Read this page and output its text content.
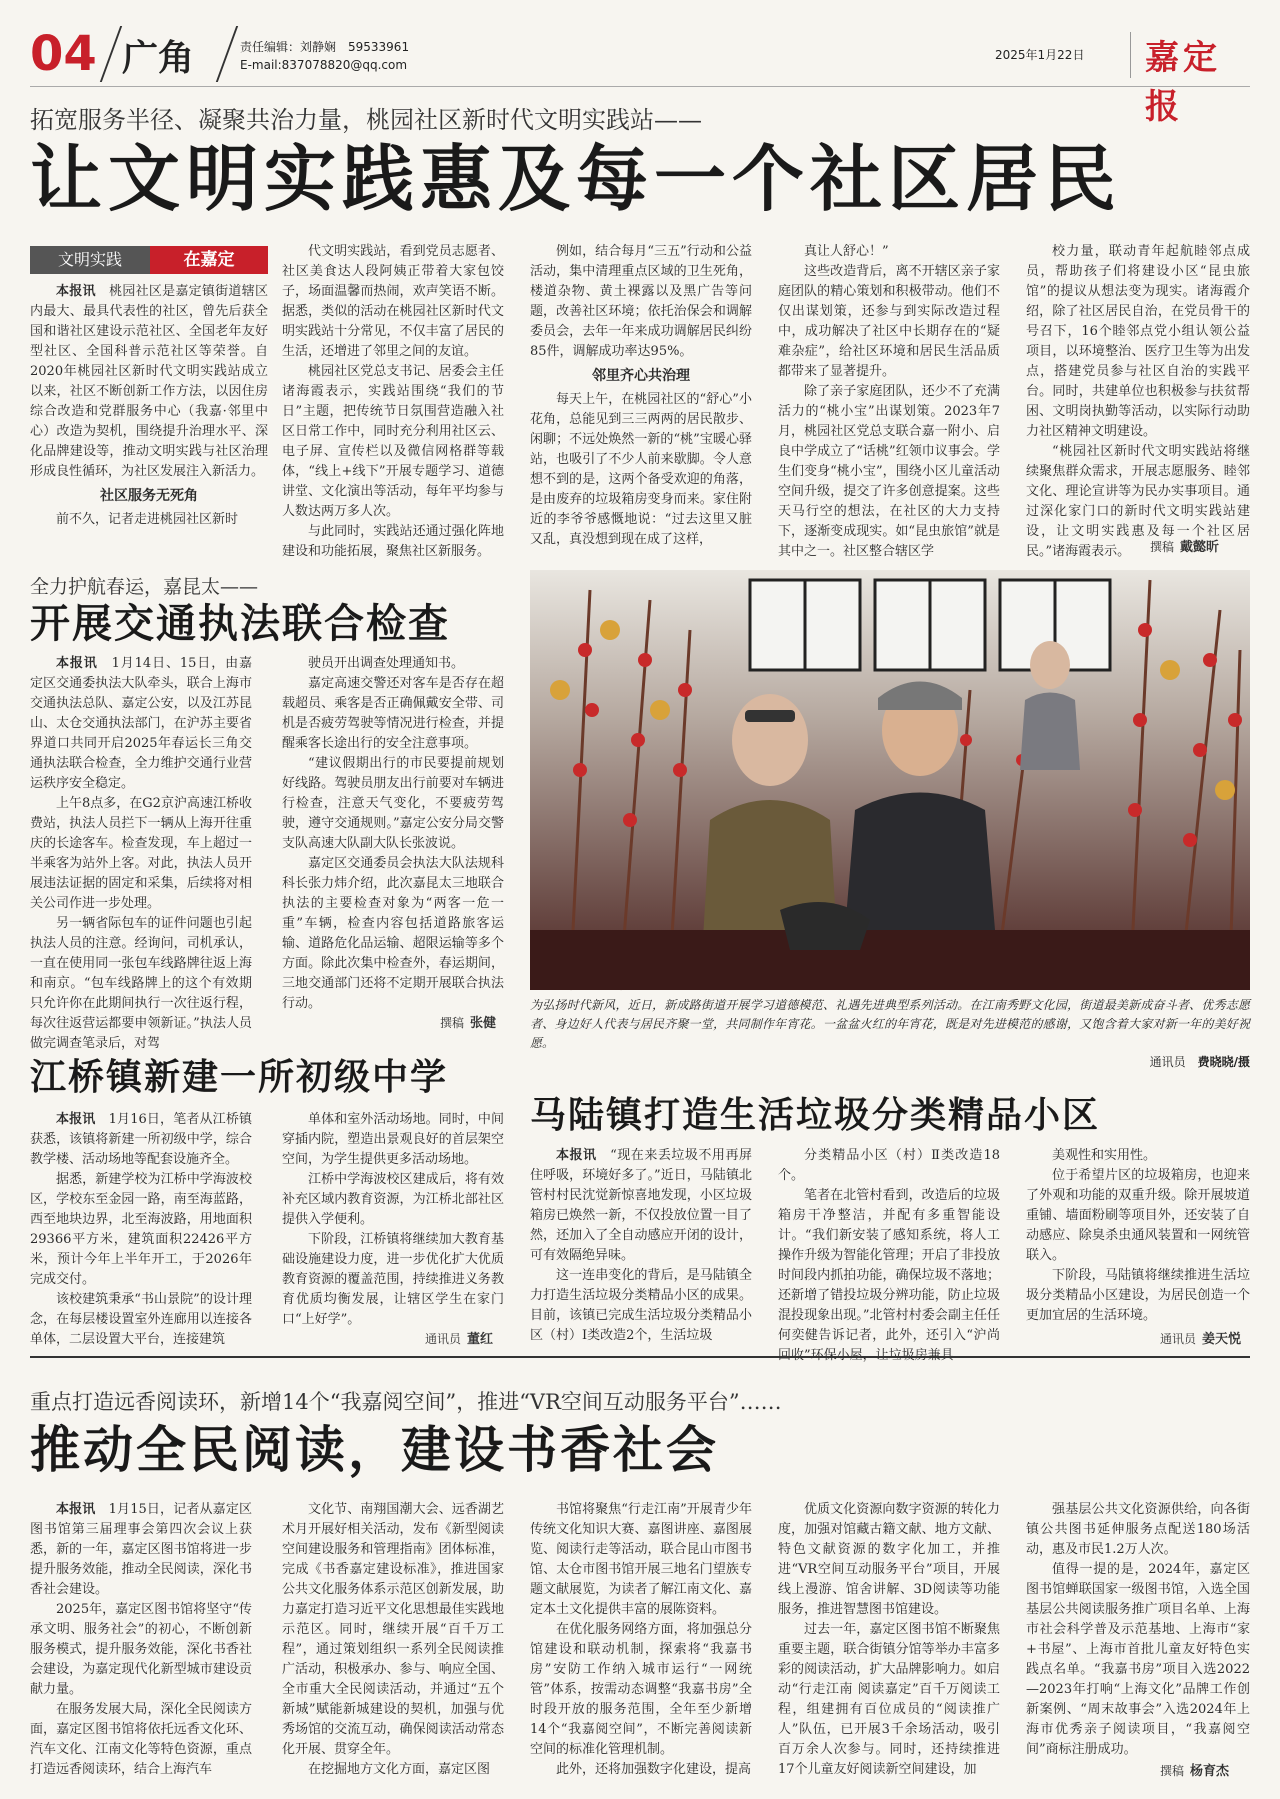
04 广角	责任编辑：刘静娴　59533961
E-mail:837078820@qq.com
2025年1月22日 嘉定报
拓宽服务半径、凝聚共治力量，桃园社区新时代文明实践站——
让文明实践惠及每一个社区居民
文明实践	在嘉定

本报讯　 桃园社区是嘉定镇街道辖区内最大、最具代表性的社区，曾先后获全国和谐社区建设示范社区、全国老年友好型社区、全国科普示范社区等荣誉。自2020年桃园社区新时代文明实践站成立以来，社区不断创新工作方法，以因住房综合改造和党群服务中心（我嘉·邻里中心）改造为契机，围绕提升治理水平、深化品牌建设等，推动文明实践与社区治理形成良性循环，为社区发展注入新活力。

社区服务无死角

前不久，记者走进桃园社区新时

代文明实践站，看到党员志愿者、社区美食达人段阿姨正带着大家包饺子，场面温馨而热闹，欢声笑语不断。据悉，类似的活动在桃园社区新时代文明实践站十分常见，不仅丰富了居民的生活，还增进了邻里之间的友谊。

桃园社区党总支书记、居委会主任诸海霞表示，实践站围绕“我们的节日”主题，把传统节日氛围营造融入社区日常工作中，同时充分利用社区云、电子屏、宣传栏以及微信网格群等载体，“线上+线下”开展专题学习、道德讲堂、文化演出等活动，每年平均参与人数达两万多人次。

与此同时，实践站还通过强化阵地建设和功能拓展，聚焦社区新服务。

例如，结合每月“三五”行动和公益活动，集中清理重点区域的卫生死角，楼道杂物、黄土裸露以及黑广告等问题，改善社区环境；依托治保会和调解委员会，去年一年来成功调解居民纠纷85件，调解成功率达95%。

邻里齐心共治理

每天上午，在桃园社区的“舒心”小花角，总能见到三三两两的居民散步、闲聊；不远处焕然一新的“桃”宝暖心驿站，也吸引了不少人前来歇脚。令人意想不到的是，这两个备受欢迎的角落，是由废弃的垃圾箱房变身而来。家住附近的李爷爷感慨地说：“过去这里又脏又乱，真没想到现在成了这样，

真让人舒心！”

这些改造背后，离不开辖区亲子家庭团队的精心策划和积极带动。他们不仅出谋划策，还参与到实际改造过程中，成功解决了社区中长期存在的“疑难杂症”，给社区环境和居民生活品质都带来了显著提升。

除了亲子家庭团队，还少不了充满活力的“桃小宝”出谋划策。2023年7月，桃园社区党总支联合嘉一附小、启良中学成立了“话桃”红领巾议事会。学生们变身“桃小宝”，围绕小区儿童活动空间升级，提交了许多创意提案。这些天马行空的想法，在社区的大力支持下，逐渐变成现实。如“昆虫旅馆”就是其中之一。社区整合辖区学

校力量，联动青年起航睦邻点成员，帮助孩子们将建设小区“昆虫旅馆”的提议从想法变为现实。诸海霞介绍，除了社区居民自治，在党员骨干的号召下，16个睦邻点党小组认领公益项目，以环境整治、医疗卫生等为出发点，搭建党员参与社区自治的实践平台。同时，共建单位也积极参与扶贫帮困、文明岗执勤等活动，以实际行动助力社区精神文明建设。

“桃园社区新时代文明实践站将继续聚焦群众需求，开展志愿服务、睦邻文化、理论宣讲等为民办实事项目。通过深化家门口的新时代文明实践站建设，让文明实践惠及每一个社区居民。”诸海霞表示。	撰稿 戴懿昕
全力护航春运，嘉昆太——
开展交通执法联合检查

本报讯　 1月14日、15日，由嘉定区交通委执法大队牵头，联合上海市交通执法总队、嘉定公安，以及江苏昆山、太仓交通执法部门，在沪苏主要省界道口共同开启2025年春运长三角交通执法联合检查，全力维护交通行业营运秩序安全稳定。

上午8点多，在G2京沪高速江桥收费站，执法人员拦下一辆从上海开往重庆的长途客车。检查发现，车上超过一半乘客为站外上客。对此，执法人员开展违法证据的固定和采集，后续将对相关公司作进一步处理。

另一辆省际包车的证件问题也引起执法人员的注意。经询问，司机承认，一直在使用同一张包车线路牌往返上海和南京。“包车线路牌上的这个有效期只允许你在此期间执行一次往返行程，每次往返营运都要申领新证。”执法人员做完调查笔录后，对驾

驶员开出调查处理通知书。

嘉定高速交警还对客车是否存在超载超员、乘客是否正确佩戴安全带、司机是否疲劳驾驶等情况进行检查，并提醒乘客长途出行的安全注意事项。

“建议假期出行的市民要提前规划好线路。驾驶员朋友出行前要对车辆进行检查，注意天气变化，不要疲劳驾驶，遵守交通规则。”嘉定公安分局交警支队高速大队副大队长张波说。

嘉定区交通委员会执法大队法规科科长张力炜介绍，此次嘉昆太三地联合执法的主要检查对象为“两客一危一重”车辆，检查内容包括道路旅客运输、道路危化品运输、超限运输等多个方面。除此次集中检查外，春运期间，三地交通部门还将不定期开展联合执法行动。

撰稿 张健
为弘扬时代新风，近日，新成路街道开展学习道德模范、礼遇先进典型系列活动。在江南秀野文化园，街道最美新成奋斗者、优秀志愿者、身边好人代表与居民齐聚一堂，共同制作年宵花。一盆盆火红的年宵花，既是对先进模范的感谢，又饱含着大家对新一年的美好祝愿。
通讯员　 费晓晓/摄
江桥镇新建一所初级中学

本报讯　 1月16日，笔者从江桥镇获悉，该镇将新建一所初级中学，综合教学楼、活动场地等配套设施齐全。

据悉，新建学校为江桥中学海波校区，学校东至金园一路，南至海蓝路，西至地块边界，北至海波路，用地面积29366平方米，建筑面积22426平方米，预计今年上半年开工，于2026年完成交付。

该校建筑秉承“书山景院”的设计理念，在每层楼设置室外连廊用以连接各单体，二层设置大平台，连接建筑

单体和室外活动场地。同时，中间穿插内院，塑造出景观良好的首层架空空间，为学生提供更多活动场地。

江桥中学海波校区建成后，将有效补充区域内教育资源，为江桥北部社区提供入学便利。

下阶段，江桥镇将继续加大教育基础设施建设力度，进一步优化扩大优质教育资源的覆盖范围，持续推进义务教育优质均衡发展，让辖区学生在家门口“上好学”。

通讯员 董红
马陆镇打造生活垃圾分类精品小区

本报讯　 “现在来丢垃圾不用再屏住呼吸，环境好多了。”近日，马陆镇北管村村民沈觉新惊喜地发现，小区垃圾箱房已焕然一新，不仅投放位置一目了然，还加入了全自动感应开闭的设计，可有效隔绝异味。

这一连串变化的背后，是马陆镇全力打造生活垃圾分类精品小区的成果。目前，该镇已完成生活垃圾分类精品小区（村）Ⅰ类改造2个，生活垃圾

分类精品小区（村）Ⅱ类改造18个。

笔者在北管村看到，改造后的垃圾箱房干净整洁，并配有多重智能设计。“我们新安装了感知系统，将人工操作升级为智能化管理；开启了非投放时间段内抓拍功能，确保垃圾不落地；还新增了错投垃圾分辨功能，防止垃圾混投现象出现。”北管村村委会副主任任何奕健告诉记者，此外，还引入“沪尚

美观性和实用性。

位于希望片区的垃圾箱房，也迎来了外观和功能的双重升级。除开展坡道重铺、墙面粉刷等项目外，还安装了自动感应、除臭杀虫通风装置和一网统管联入。

下阶段，马陆镇将继续推进生活垃圾分类精品小区建设，为居民创造一个更加宜居的生活环境。

通讯员 姜天悦
重点打造远香阅读环，新增14个“我嘉阅空间”，推进“VR空间互动服务平台”……
推动全民阅读，建设书香社会

本报讯　 1月15日，记者从嘉定区图书馆第三届理事会第四次会议上获悉，新的一年，嘉定区图书馆将进一步提升服务效能，推动全民阅读，深化书香社会建设。

2025年，嘉定区图书馆将坚守“传承文明、服务社会”的初心，不断创新服务模式，提升服务效能，深化书香社会建设，为嘉定现代化新型城市建设贡献力量。

在服务发展大局，深化全民阅读方面，嘉定区图书馆将依托远香文化环、汽车文化、江南文化等特色资源，重点打造远香阅读环，结合上海汽车

文化节、南翔国潮大会、远香湖艺术月开展好相关活动，发布《新型阅读空间建设服务和管理指南》团体标准，完成《书香嘉定建设标准》，推进国家公共文化服务体系示范区创新发展，助力嘉定打造习近平文化思想最佳实践地示范区。同时，继续开展“百千万工程”，通过策划组织一系列全民阅读推广活动，积极承办、参与、响应全国、全市重大全民阅读活动，并通过“五个新城”赋能新城建设的契机，加强与优秀场馆的交流互动，确保阅读活动常态化开展、贯穿全年。

在挖掘地方文化方面，嘉定区图

书馆将聚焦“行走江南”开展青少年传统文化知识大赛、嘉图讲座、嘉图展览、阅读行走等活动，联合昆山市图书馆、太仓市图书馆开展三地名门望族专题文献展览，为读者了解江南文化、嘉定本土文化提供丰富的展陈资料。

在优化服务网络方面，将加强总分馆建设和联动机制，探索将“我嘉书房”安防工作纳入城市运行“一网统管”体系，按需动态调整“我嘉书房”全时段开放的服务范围，全年至少新增14个“我嘉阅空间”，不断完善阅读新空间的标准化管理机制。

此外，还将加强数字化建设，提高

优质文化资源向数字资源的转化力度，加强对馆藏古籍文献、地方文献、特色文献资源的数字化加工，并推进“VR空间互动服务平台”项目，开展线上漫游、馆舍讲解、3D阅读等功能服务，推进智慧图书馆建设。

过去一年，嘉定区图书馆不断聚焦重要主题，联合街镇分馆等举办丰富多彩的阅读活动，扩大品牌影响力。如启动“行走江南 阅读嘉定”百千万阅读工程，组建拥有百位成员的“阅读推广人”队伍，已开展3千余场活动，吸引百万余人次参与。同时，还持续推进17个儿童友好阅读新空间建设，加

强基层公共文化资源供给，向各街镇公共图书延伸服务点配送180场活动，惠及市民1.2万人次。

值得一提的是，2024年，嘉定区图书馆蝉联国家一级图书馆，入选全国基层公共阅读服务推广项目名单、上海市社会科学普及示范基地、上海市“家+书屋”、上海市首批儿童友好特色实践点名单。“我嘉书房”项目入选2022—2023年打响“上海文化”品牌工作创新案例、“周末故事会”入选2024年上海市优秀亲子阅读项目，“我嘉阅空间”商标注册成功。

撰稿 杨育杰
